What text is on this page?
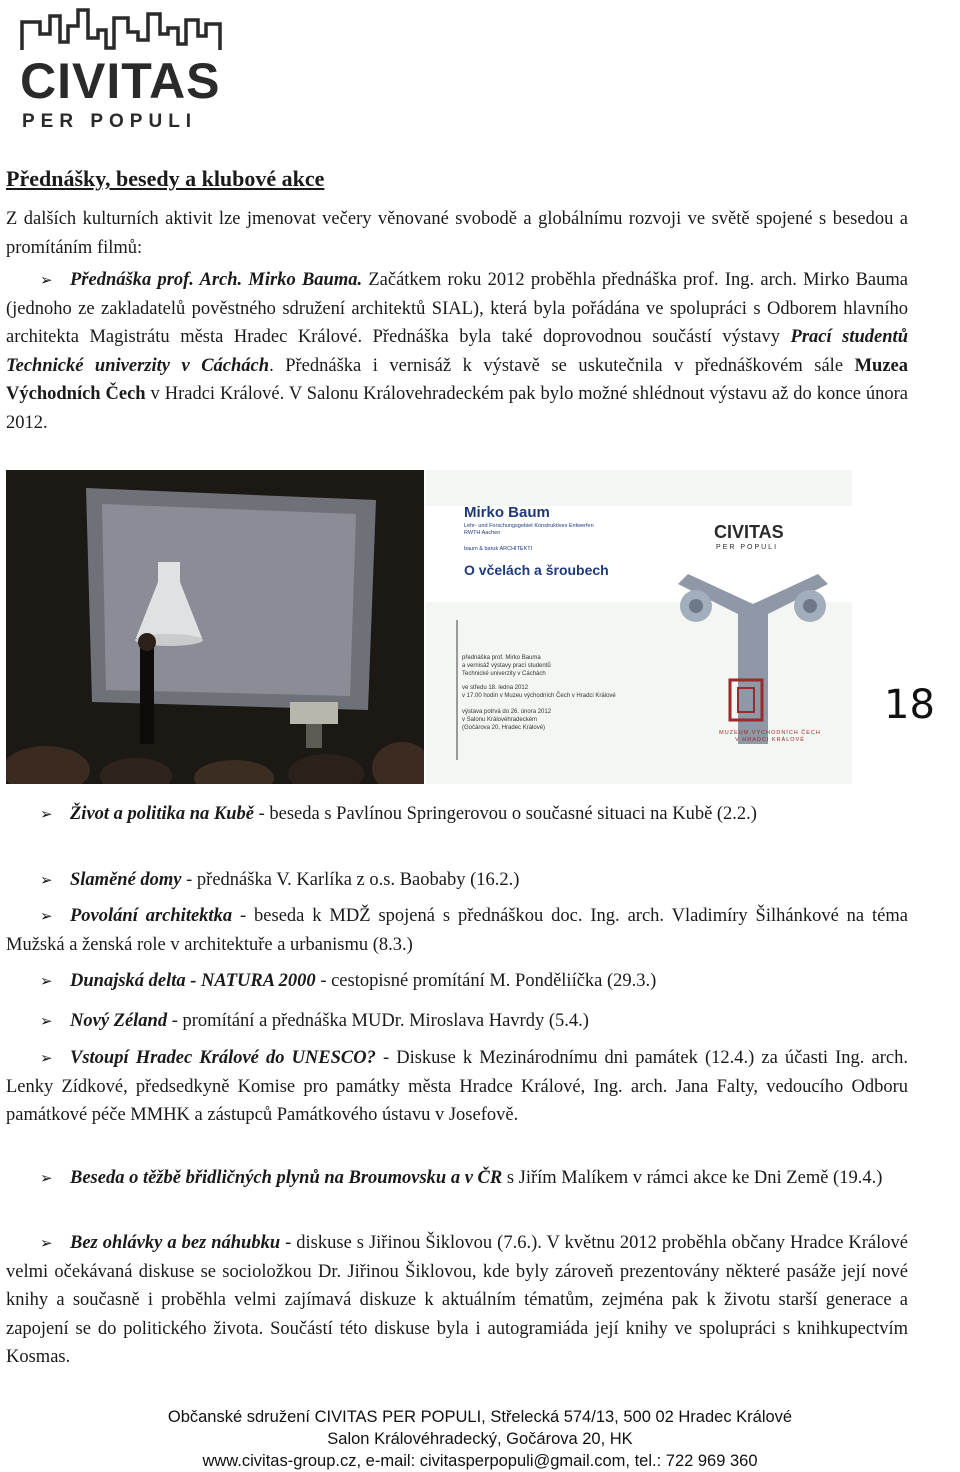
CIVITAS
PER POPULI
Přednášky, besedy a klubové akce
Z dalších kulturních aktivit lze jmenovat večery věnované svobodě a globálnímu rozvoji ve světě spojené s besedou a promítáním filmů:
➢ Přednáška prof. Arch. Mirko Bauma. Začátkem roku 2012 proběhla přednáška prof. Ing. arch. Mirko Bauma (jednoho ze zakladatelů pověstného sdružení architektů SIAL), která byla pořádána ve spolupráci s Odborem hlavního architekta Magistrátu města Hradec Králové. Přednáška byla také doprovodnou součástí výstavy Prací studentů Technické univerzity v Cáchách. Přednáška i vernisáž k výstavě se uskutečnila v přednáškovém sále Muzea Východních Čech v Hradci Králové. V Salonu Královehradeckém pak bylo možné shlédnout výstavu až do konce února 2012.
Mirko Baum
Lehr- und Forschungsgebiet Konstruktives Entwerfen
RWTH Aachen
baum & baruk ARCHITEKTI
CIVITAS
PER POPULI
O včelách a šroubech
přednáška prof. Mirko Bauma
a vernisáž výstavy prací studentů
Technické univerzity v Cáchách
ve středu 18. ledna 2012
v 17.00 hodin v Muzeu východních Čech v Hradci Králové
výstava potrvá do 26. února 2012
v Salonu Královéhradeckém
(Gočárova 20, Hradec Králové)
MUZEUM VÝCHODNÍCH ČECH V HRADCI KRÁLOVÉ
18
➢ Život a politika na Kubě - beseda s Pavlínou Springerovou o současné situaci na Kubě (2.2.)
➢ Slaměné domy - přednáška V. Karlíka z o.s. Baobaby (16.2.)
➢ Povolání architektka - beseda k MDŽ spojená s přednáškou doc. Ing. arch. Vladimíry Šilhánkové na téma Mužská a ženská role v architektuře a urbanismu (8.3.)
➢ Dunajská delta - NATURA 2000 - cestopisné promítání M. Ponděliíčka (29.3.)
➢ Nový Zéland - promítání a přednáška MUDr. Miroslava Havrdy (5.4.)
➢ Vstoupí Hradec Králové do UNESCO? - Diskuse k Mezinárodnímu dni památek (12.4.) za účasti Ing. arch. Lenky Zídkové, předsedkyně Komise pro památky města Hradce Králové, Ing. arch. Jana Falty, vedoucího Odboru památkové péče MMHK a zástupců Památkového ústavu v Josefově.
➢ Beseda o těžbě břidličných plynů na Broumovsku a v ČR s Jiřím Malíkem v rámci akce ke Dni Země (19.4.)
➢ Bez ohlávky a bez náhubku - diskuse s Jiřinou Šiklovou (7.6.). V květnu 2012 proběhla občany Hradce Králové velmi očekávaná diskuse se socioložkou Dr. Jiřinou Šiklovou, kde byly zároveň prezentovány některé pasáže její nové knihy a současně i proběhla velmi zajímavá diskuze k aktuálním tématům, zejména pak k životu starší generace a zapojení se do politického života. Součástí této diskuse byla i autogramiáda její knihy ve spolupráci s knihkupectvím Kosmas.
Občanské sdružení CIVITAS PER POPULI, Střelecká 574/13, 500 02 Hradec Králové
Salon Královéhradecký, Gočárova 20, HK
www.civitas-group.cz, e-mail: civitasperpopuli@gmail.com, tel.: 722 969 360
